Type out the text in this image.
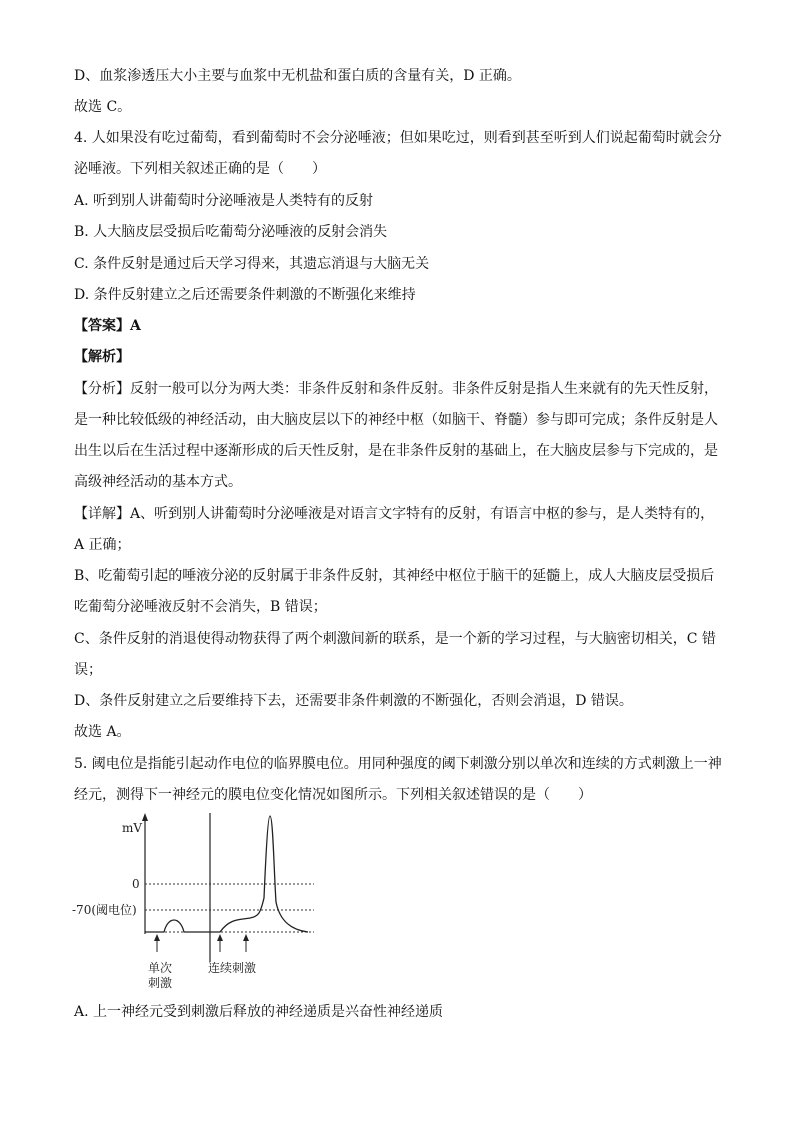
D、血浆渗透压大小主要与血浆中无机盐和蛋白质的含量有关，D 正确。
故选 C。
4. 人如果没有吃过葡萄，看到葡萄时不会分泌唾液；但如果吃过，则看到甚至听到人们说起葡萄时就会分
泌唾液。下列相关叙述正确的是（　　）
A. 听到别人讲葡萄时分泌唾液是人类特有的反射
B. 人大脑皮层受损后吃葡萄分泌唾液的反射会消失
C. 条件反射是通过后天学习得来，其遗忘消退与大脑无关
D. 条件反射建立之后还需要条件刺激的不断强化来维持
【答案】A
【解析】
【分析】反射一般可以分为两大类：非条件反射和条件反射。非条件反射是指人生来就有的先天性反射，
是一种比较低级的神经活动，由大脑皮层以下的神经中枢（如脑干、脊髓）参与即可完成；条件反射是人
出生以后在生活过程中逐渐形成的后天性反射，是在非条件反射的基础上，在大脑皮层参与下完成的，是
高级神经活动的基本方式。
【详解】A、听到别人讲葡萄时分泌唾液是对语言文字特有的反射，有语言中枢的参与，是人类特有的，
A 正确；
B、吃葡萄引起的唾液分泌的反射属于非条件反射，其神经中枢位于脑干的延髓上，成人大脑皮层受损后
吃葡萄分泌唾液反射不会消失，B 错误；
C、条件反射的消退使得动物获得了两个刺激间新的联系，是一个新的学习过程，与大脑密切相关，C 错
误；
D、条件反射建立之后要维持下去，还需要非条件刺激的不断强化，否则会消退，D 错误。
故选 A。
5. 阈电位是指能引起动作电位的临界膜电位。用同种强度的阈下刺激分别以单次和连续的方式刺激上一神
经元，测得下一神经元的膜电位变化情况如图所示。下列相关叙述错误的是（　　）
mV
0
-70(阈电位)
单次
刺激
连续刺激
A. 上一神经元受到刺激后释放的神经递质是兴奋性神经递质
